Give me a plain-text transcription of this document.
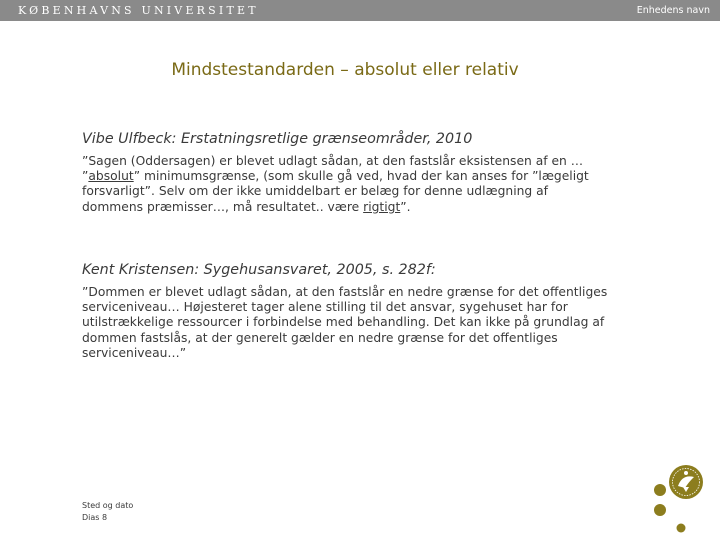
KØBENHAVNS UNIVERSITET	Enhedens navn
Mindstestandarden – absolut eller relativ

Vibe Ulfbeck: Erstatningsretlige grænseområder, 2010

”Sagen (Oddersagen) er blevet udlagt sådan, at den fastslår eksistensen af en … ”absolut” minimumsgrænse, (som skulle gå ved, hvad der kan anses for ”lægeligt forsvarligt”. Selv om der ikke umiddelbart er belæg for denne udlægning af dommens præmisser…, må resultatet.. være rigtigt”.

Kent Kristensen: Sygehusansvaret, 2005, s. 282f:

”Dommen er blevet udlagt sådan, at den fastslår en nedre grænse for det offentliges serviceniveau… Højesteret tager alene stilling til det ansvar, sygehuset har for utilstrækkelige ressourcer i forbindelse med behandling. Det kan ikke på grundlag af dommen fastslås, at der generelt gælder en nedre grænse for det offentliges serviceniveau…”

Sted og dato
Dias 8
